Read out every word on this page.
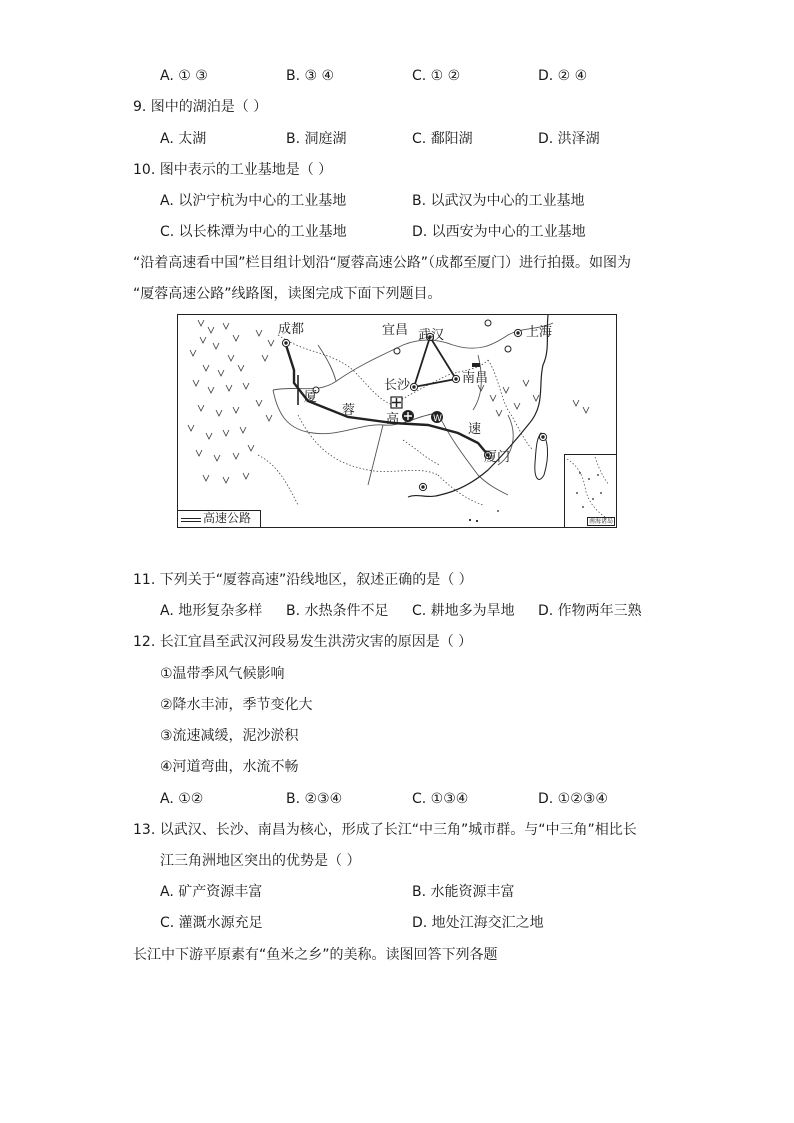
A. ① ③	B. ③ ④	C. ① ②	D. ② ④
9. 图中的湖泊是（ ）
A. 太湖	B. 洞庭湖	C. 鄱阳湖	D. 洪泽湖
10. 图中表示的工业基地是（ ）
A. 以沪宁杭为中心的工业基地	B. 以武汉为中心的工业基地
C. 以长株潭为中心的工业基地	D. 以西安为中心的工业基地
“沿着高速看中国”栏目组计划沿“厦蓉高速公路”（成都至厦门）进行拍摄。如图为
“厦蓉高速公路”线路图，读图完成下面下列题目。
W
成都	宜昌 武汉	上海
南昌
长沙
厦
蓉
高
速
厦门
高速公路	南海诸岛
11. 下列关于“厦蓉高速”沿线地区，叙述正确的是（ ）
A. 地形复杂多样 B. 水热条件不足 C. 耕地多为旱地 D. 作物两年三熟
12. 长江宜昌至武汉河段易发生洪涝灾害的原因是（ ）
①温带季风气候影响
②降水丰沛，季节变化大
③流速减缓，泥沙淤积
④河道弯曲，水流不畅
A. ①②	B. ②③④	C. ①③④	D. ①②③④
13. 以武汉、长沙、南昌为核心，形成了长江“中三角”城市群。与“中三角”相比长
江三角洲地区突出的优势是（ ）
A. 矿产资源丰富	B. 水能资源丰富
C. 灌溉水源充足	D. 地处江海交汇之地
长江中下游平原素有“鱼米之乡”的美称。读图回答下列各题
